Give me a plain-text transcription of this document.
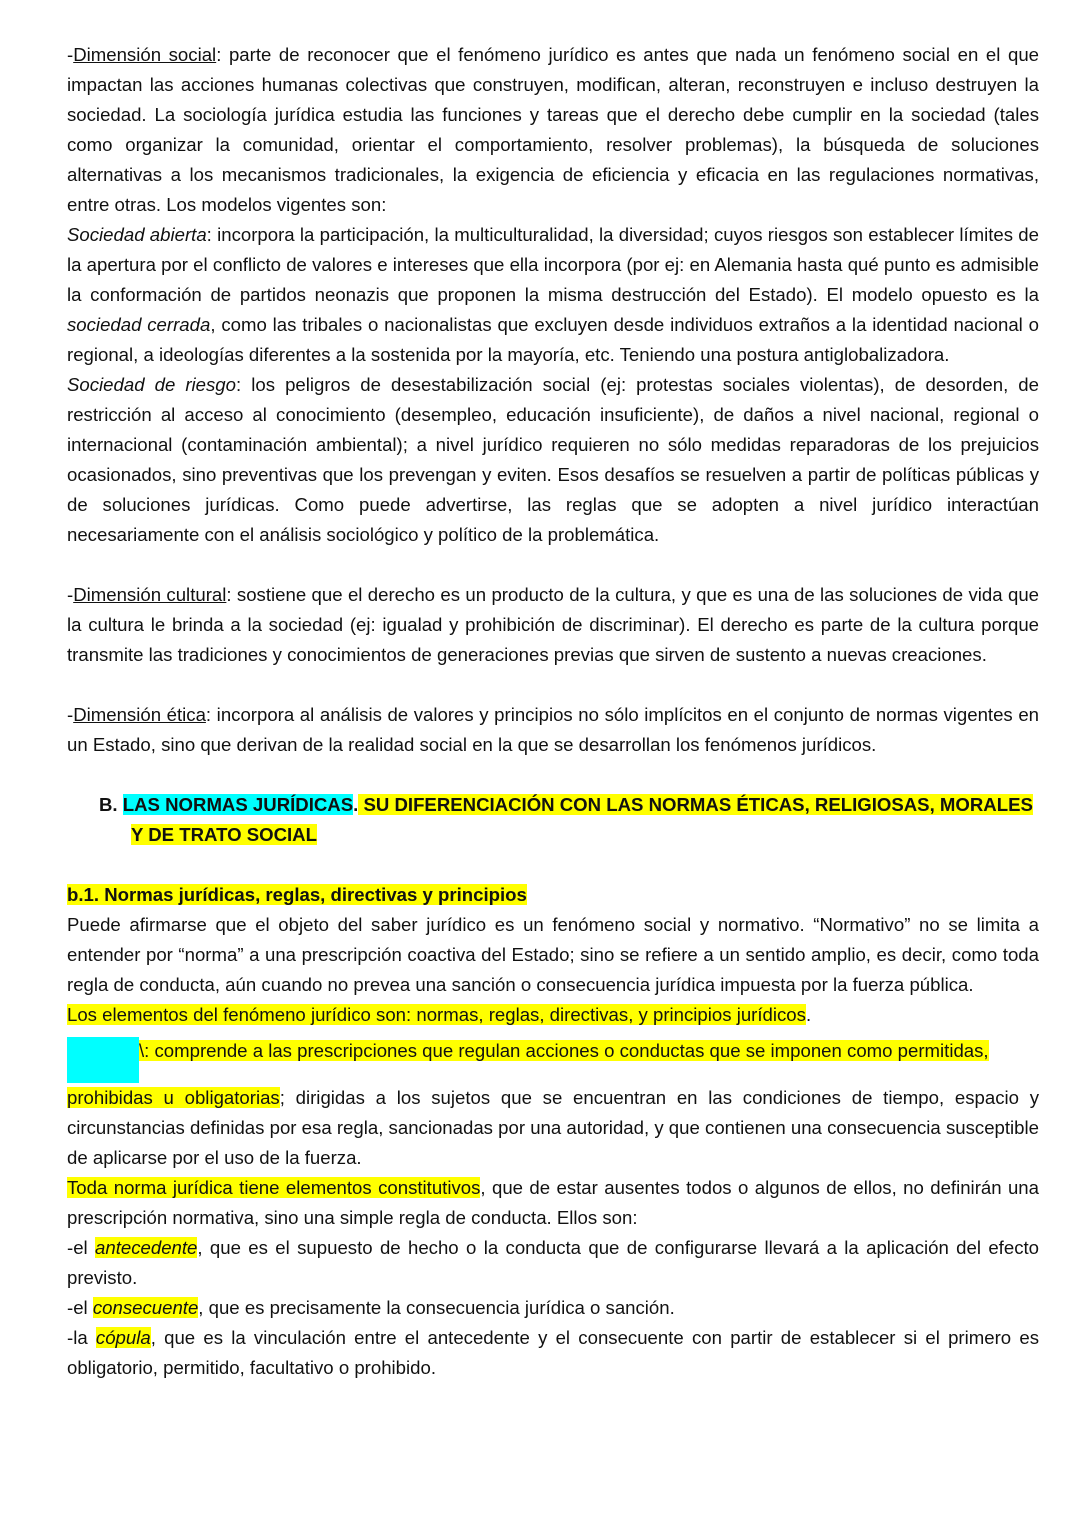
-Dimensión social: parte de reconocer que el fenómeno jurídico es antes que nada un fenómeno social en el que impactan las acciones humanas colectivas que construyen, modifican, alteran, reconstruyen e incluso destruyen la sociedad. La sociología jurídica estudia las funciones y tareas que el derecho debe cumplir en la sociedad (tales como organizar la comunidad, orientar el comportamiento, resolver problemas), la búsqueda de soluciones alternativas a los mecanismos tradicionales, la exigencia de eficiencia y eficacia en las regulaciones normativas, entre otras. Los modelos vigentes son:

Sociedad abierta: incorpora la participación, la multiculturalidad, la diversidad; cuyos riesgos son establecer límites de la apertura por el conflicto de valores e intereses que ella incorpora (por ej: en Alemania hasta qué punto es admisible la conformación de partidos neonazis que proponen la misma destrucción del Estado). El modelo opuesto es la sociedad cerrada, como las tribales o nacionalistas que excluyen desde individuos extraños a la identidad nacional o regional, a ideologías diferentes a la sostenida por la mayoría, etc. Teniendo una postura antiglobalizadora.

Sociedad de riesgo: los peligros de desestabilización social (ej: protestas sociales violentas), de desorden, de restricción al acceso al conocimiento (desempleo, educación insuficiente), de daños a nivel nacional, regional o internacional (contaminación ambiental); a nivel jurídico requieren no sólo medidas reparadoras de los prejuicios ocasionados, sino preventivas que los prevengan y eviten. Esos desafíos se resuelven a partir de políticas públicas y de soluciones jurídicas. Como puede advertirse, las reglas que se adopten a nivel jurídico interactúan necesariamente con el análisis sociológico y político de la problemática.

-Dimensión cultural: sostiene que el derecho es un producto de la cultura, y que es una de las soluciones de vida que la cultura le brinda a la sociedad (ej: igualad y prohibición de discriminar). El derecho es parte de la cultura porque transmite las tradiciones y conocimientos de generaciones previas que sirven de sustento a nuevas creaciones.

-Dimensión ética: incorpora al análisis de valores y principios no sólo implícitos en el conjunto de normas vigentes en un Estado, sino que derivan de la realidad social en la que se desarrollan los fenómenos jurídicos.

B. LAS NORMAS JURÍDICAS. SU DIFERENCIACIÓN CON LAS NORMAS ÉTICAS, RELIGIOSAS, MORALES Y DE TRATO SOCIAL

b.1. Normas jurídicas, reglas, directivas y principios

Puede afirmarse que el objeto del saber jurídico es un fenómeno social y normativo. “Normativo” no se limita a entender por “norma” a una prescripción coactiva del Estado; sino se refiere a un sentido amplio, es decir, como toda regla de conducta, aún cuando no prevea una sanción o consecuencia jurídica impuesta por la fuerza pública.

Los elementos del fenómeno jurídico son: normas, reglas, directivas, y principios jurídicos.

\: comprende a las prescripciones que regulan acciones o conductas que se imponen como permitidas,

prohibidas u obligatorias; dirigidas a los sujetos que se encuentran en las condiciones de tiempo, espacio y circunstancias definidas por esa regla, sancionadas por una autoridad, y que contienen una consecuencia susceptible de aplicarse por el uso de la fuerza.

Toda norma jurídica tiene elementos constitutivos, que de estar ausentes todos o algunos de ellos, no definirán una prescripción normativa, sino una simple regla de conducta. Ellos son:

-el antecedente, que es el supuesto de hecho o la conducta que de configurarse llevará a la aplicación del efecto previsto.

-el consecuente, que es precisamente la consecuencia jurídica o sanción.

-la cópula, que es la vinculación entre el antecedente y el consecuente con partir de establecer si el primero es obligatorio, permitido, facultativo o prohibido.
